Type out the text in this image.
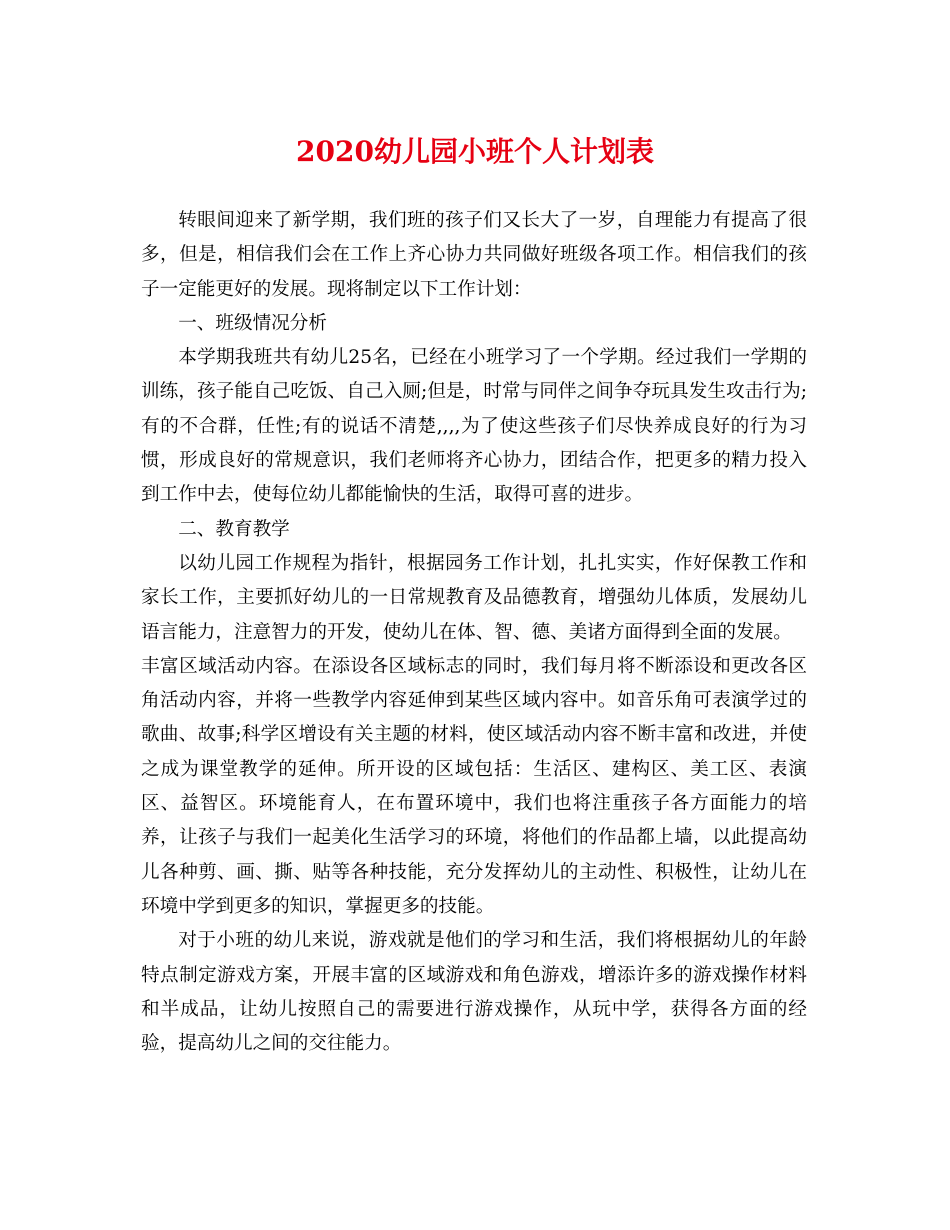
2020幼儿园小班个人计划表

转眼间迎来了新学期，我们班的孩子们又长大了一岁，自理能力有提高了很多，但是，相信我们会在工作上齐心协力共同做好班级各项工作。相信我们的孩子一定能更好的发展。现将制定以下工作计划：

一、班级情况分析

本学期我班共有幼儿25名，已经在小班学习了一个学期。经过我们一学期的训练，孩子能自己吃饭、自己入厕;但是，时常与同伴之间争夺玩具发生攻击行为;有的不合群，任性;有的说话不清楚,,,,为了使这些孩子们尽快养成良好的行为习惯，形成良好的常规意识，我们老师将齐心协力，团结合作，把更多的精力投入到工作中去，使每位幼儿都能愉快的生活，取得可喜的进步。

二、教育教学

以幼儿园工作规程为指针，根据园务工作计划，扎扎实实，作好保教工作和家长工作，主要抓好幼儿的一日常规教育及品德教育，增强幼儿体质，发展幼儿语言能力，注意智力的开发，使幼儿在体、智、德、美诸方面得到全面的发展。

丰富区域活动内容。在添设各区域标志的同时，我们每月将不断添设和更改各区角活动内容，并将一些教学内容延伸到某些区域内容中。如音乐角可表演学过的歌曲、故事;科学区增设有关主题的材料，使区域活动内容不断丰富和改进，并使之成为课堂教学的延伸。所开设的区域包括：生活区、建构区、美工区、表演区、益智区。环境能育人，在布置环境中，我们也将注重孩子各方面能力的培养，让孩子与我们一起美化生活学习的环境，将他们的作品都上墙，以此提高幼儿各种剪、画、撕、贴等各种技能，充分发挥幼儿的主动性、积极性，让幼儿在环境中学到更多的知识，掌握更多的技能。

对于小班的幼儿来说，游戏就是他们的学习和生活，我们将根据幼儿的年龄特点制定游戏方案，开展丰富的区域游戏和角色游戏，增添许多的游戏操作材料和半成品，让幼儿按照自己的需要进行游戏操作，从玩中学，获得各方面的经验，提高幼儿之间的交往能力。
